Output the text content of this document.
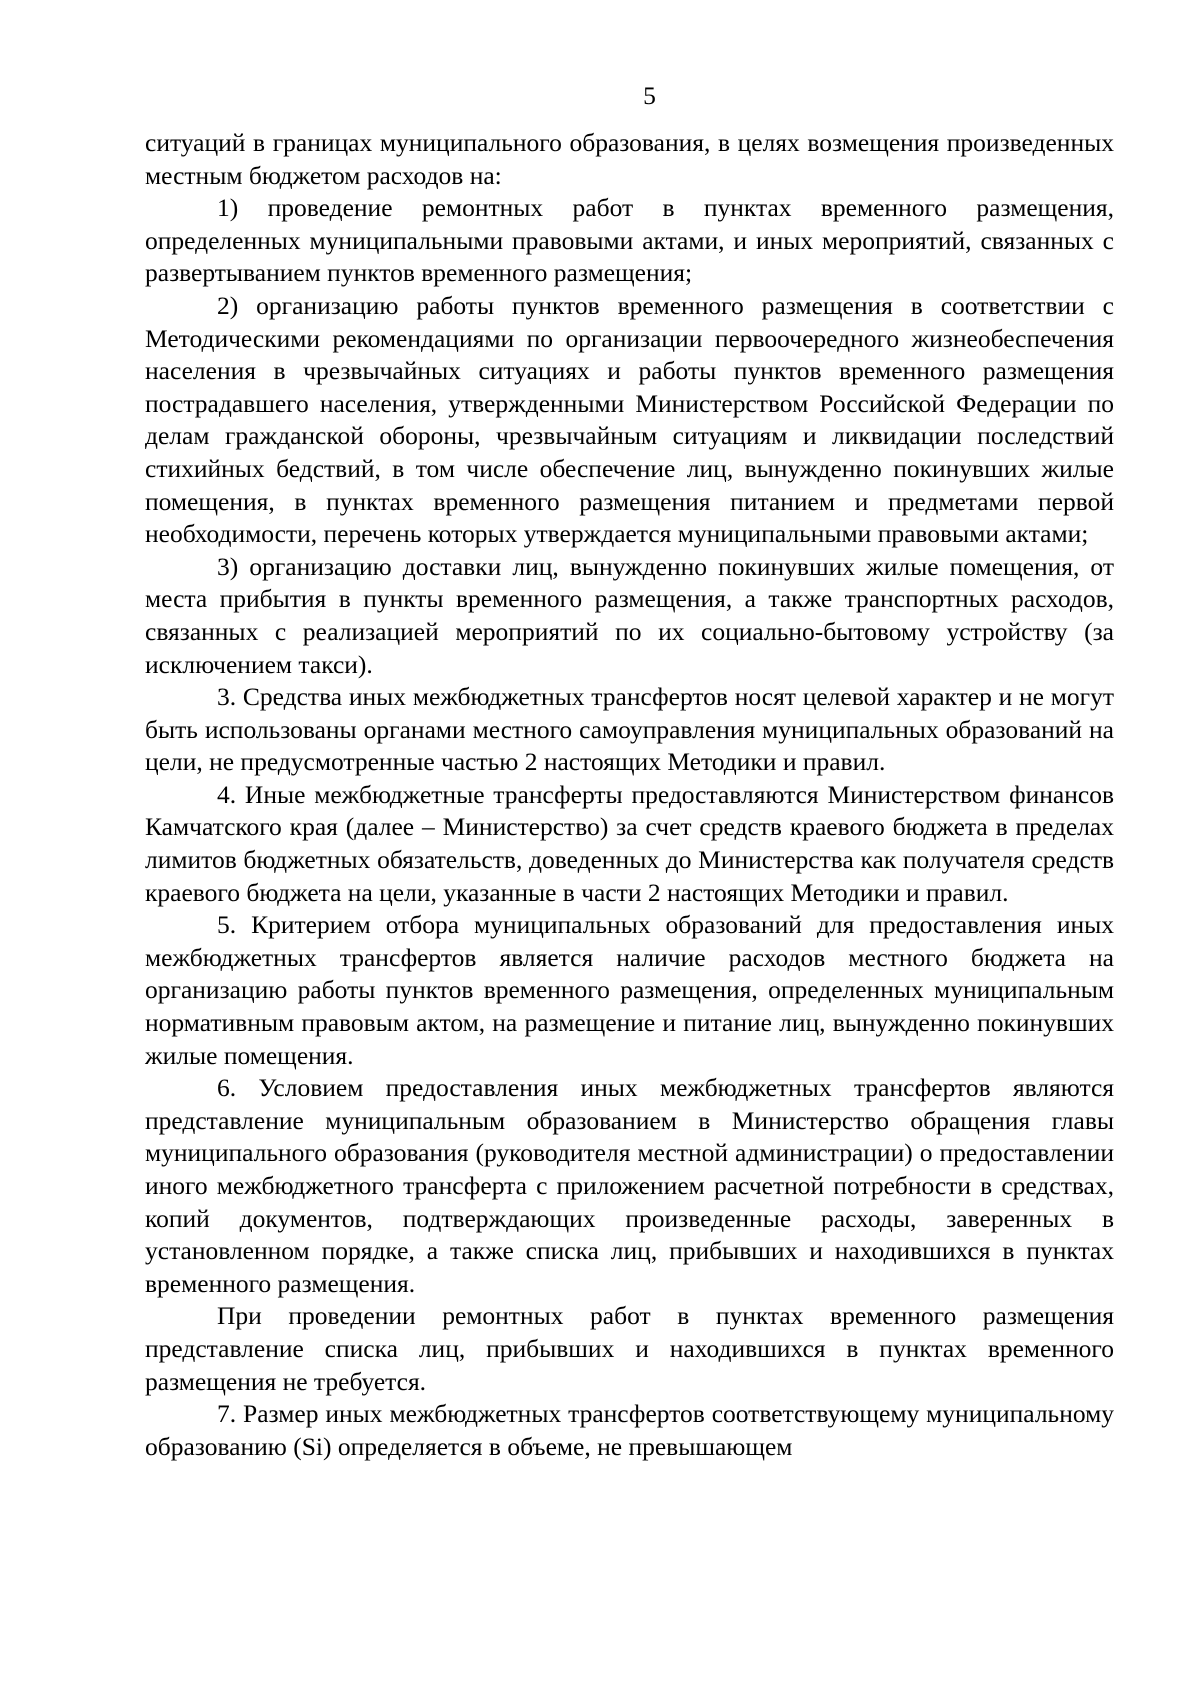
5

ситуаций в границах муниципального образования, в целях возмещения произведенных местным бюджетом расходов на:

1) проведение ремонтных работ в пунктах временного размещения, определенных муниципальными правовыми актами, и иных мероприятий, связанных с развертыванием пунктов временного размещения;

2) организацию работы пунктов временного размещения в соответствии с Методическими рекомендациями по организации первоочередного жизнеобеспечения населения в чрезвычайных ситуациях и работы пунктов временного размещения пострадавшего населения, утвержденными Министерством Российской Федерации по делам гражданской обороны, чрезвычайным ситуациям и ликвидации последствий стихийных бедствий, в том числе обеспечение лиц, вынужденно покинувших жилые помещения, в пунктах временного размещения питанием и предметами первой необходимости, перечень которых утверждается муниципальными правовыми актами;

3) организацию доставки лиц, вынужденно покинувших жилые помещения, от места прибытия в пункты временного размещения, а также транспортных расходов, связанных с реализацией мероприятий по их социально-бытовому устройству (за исключением такси).

3. Средства иных межбюджетных трансфертов носят целевой характер и не могут быть использованы органами местного самоуправления муниципальных образований на цели, не предусмотренные частью 2 настоящих Методики и правил.

4. Иные межбюджетные трансферты предоставляются Министерством финансов Камчатского края (далее – Министерство) за счет средств краевого бюджета в пределах лимитов бюджетных обязательств, доведенных до Министерства как получателя средств краевого бюджета на цели, указанные в части 2 настоящих Методики и правил.

5. Критерием отбора муниципальных образований для предоставления иных межбюджетных трансфертов является наличие расходов местного бюджета на организацию работы пунктов временного размещения, определенных муниципальным нормативным правовым актом, на размещение и питание лиц, вынужденно покинувших жилые помещения.

6. Условием предоставления иных межбюджетных трансфертов являются представление муниципальным образованием в Министерство обращения главы муниципального образования (руководителя местной администрации) о предоставлении иного межбюджетного трансферта с приложением расчетной потребности в средствах, копий документов, подтверждающих произведенные расходы, заверенных в установленном порядке, а также списка лиц, прибывших и находившихся в пунктах временного размещения.

При проведении ремонтных работ в пунктах временного размещения представление списка лиц, прибывших и находившихся в пунктах временного размещения не требуется.

7. Размер иных межбюджетных трансфертов соответствующему муниципальному образованию (Si) определяется в объеме, не превышающем
